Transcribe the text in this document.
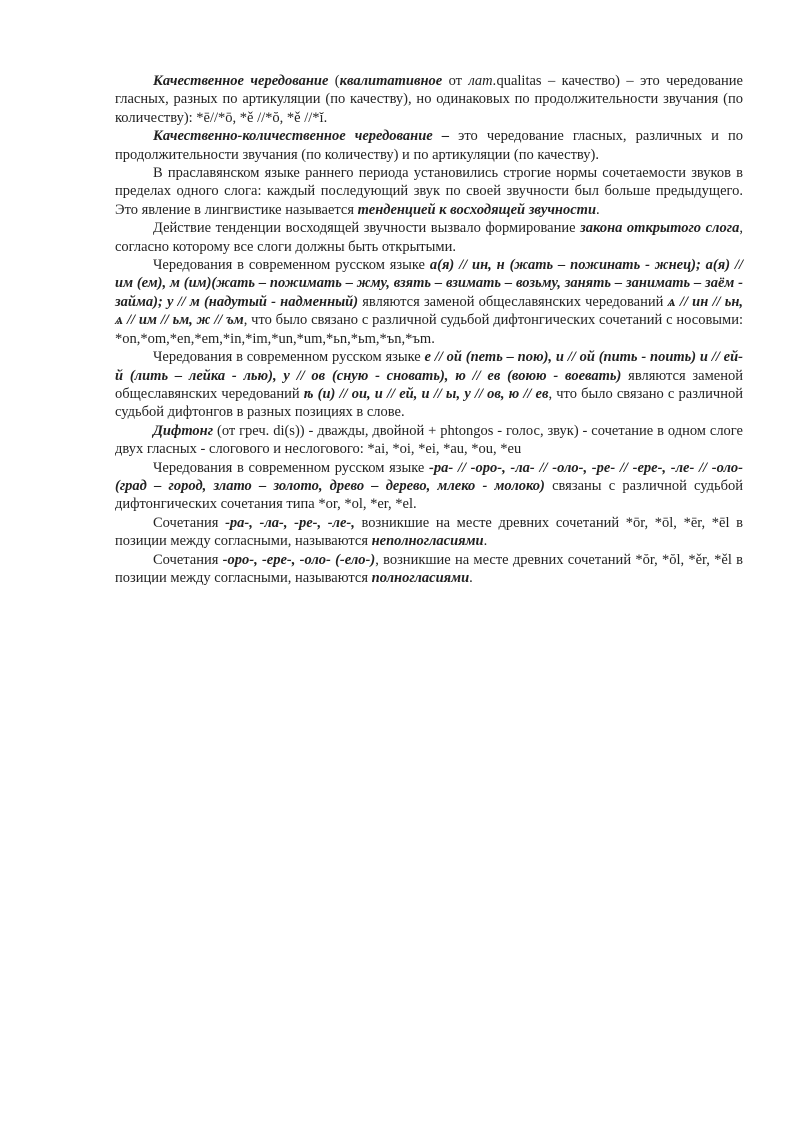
Качественное чередование (квалитативное от лат.qualitas – качество) – это чередование гласных, разных по артикуляции (по качеству), но одинаковых по продолжительности звучания (по количеству): *ē//*ō, *ě //*ŏ, *ě //*ĭ.

Качественно-количественное чередование – это чередование гласных, различных и по продолжительности звучания (по количеству) и по артикуляции (по качеству).

В праславянском языке раннего периода установились строгие нормы сочетаемости звуков в пределах одного слога: каждый последующий звук по своей звучности был больше предыдущего. Это явление в лингвистике называется тенденцией к восходящей звучности.

Действие тенденции восходящей звучности вызвало формирование закона открытого слога, согласно которому все слоги должны быть открытыми.

Чередования в современном русском языке а(я) // ин, н (жать – пожинать - жнец); а(я) // им (ем), м (им)(жать – пожимать – жму, взять – взимать – возьму, занять – занимать – заём - займа); у // м (надутый - надменный) являются заменой общеславянских чередований ѧ // ин // ьн, ѧ // им // ьм, ж // ъм, что было связано с различной судьбой дифтонгических сочетаний с носовыми: *on,*om,*en,*em,*in,*im,*un,*um,*ьn,*ьm,*ъn,*ъm.

Чередования в современном русском языке е // ой (петь – пою), и // ой (пить - поить) и // ей-й (лить – лейка - лью), у // ов (сную - сновать), ю // ев (воюю - воевать) являются заменой общеславянских чередований ѣ (и) // ои, и // ей, и // ьı, у // ов, ю // ев, что было связано с различной судьбой дифтонгов в разных позициях в слове.

Дифтонг (от греч. di(s)) - дважды, двойной + phtongos - голос, звук) - сочетание в одном слоге двух гласных - слогового и неслогового: *ai, *oi, *ei, *au, *ou, *eu

Чередования в современном русском языке -ра- // -оро-, -ла- // -оло-, -ре- // -ере-, -ле- // -оло- (град – город, злато – золото, древо – дерево, млеко - молоко) связаны с различной судьбой дифтонгических сочетания типа *or, *ol, *er, *el.

Сочетания -ра-, -ла-, -ре-, -ле-, возникшие на месте древних сочетаний *ōr, *ōl, *ēr, *ēl в позиции между согласными, называются неполногласиями.

Сочетания -оро-, -ере-, -оло- (-ело-), возникшие на месте древних сочетаний *ŏr, *ŏl, *ěr, *ěl в позиции между согласными, называются полногласиями.
